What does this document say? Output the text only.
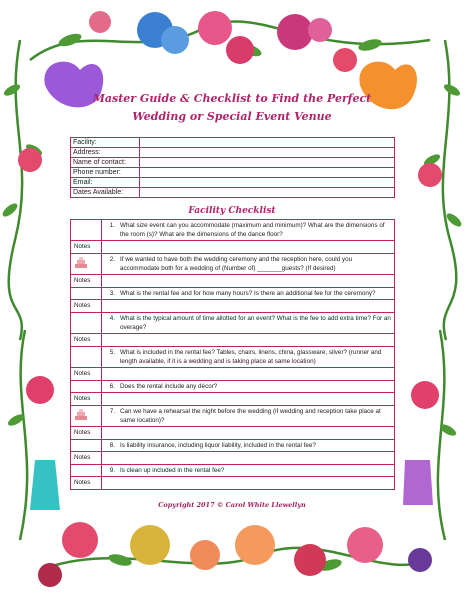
Master Guide & Checklist to Find the Perfect
Wedding or Special Event Venue
Facility:	
Address:	
Name of contact:	
Phone number:	
Email:	
Dates Available:	
Facility Checklist
	1.	What size event can you accommodate (maximum and minimum)? What are the dimensions of the room (s)? What are the dimensions of the dance floor?
Notes		
	2.	If we wanted to have both the wedding ceremony and the reception here, could you accommodate both for a wedding of (Number of) _______guests? (If desired)
Notes		
	3.	What is the rental fee and for how many hours? Is there an additional fee for the ceremony?
Notes		
	4.	What is the typical amount of time allotted for an event? What is the fee to add extra time? For an overage?
Notes		
	5.	What is included in the rental fee? Tables, chairs, linens, china, glassware, silver? (runner and length available, if it is a wedding and is taking place at same location)
Notes		
	6.	Does the rental include any décor?
Notes		
	7.	Can we have a rehearsal the night before the wedding (if wedding and reception take place at same location)?
Notes		
	8.	Is liability insurance, including liquor liability, included in the rental fee?
Notes		
	9.	Is clean up included in the rental fee?
Notes		
Copyright 2017 © Carol White Llewellyn
